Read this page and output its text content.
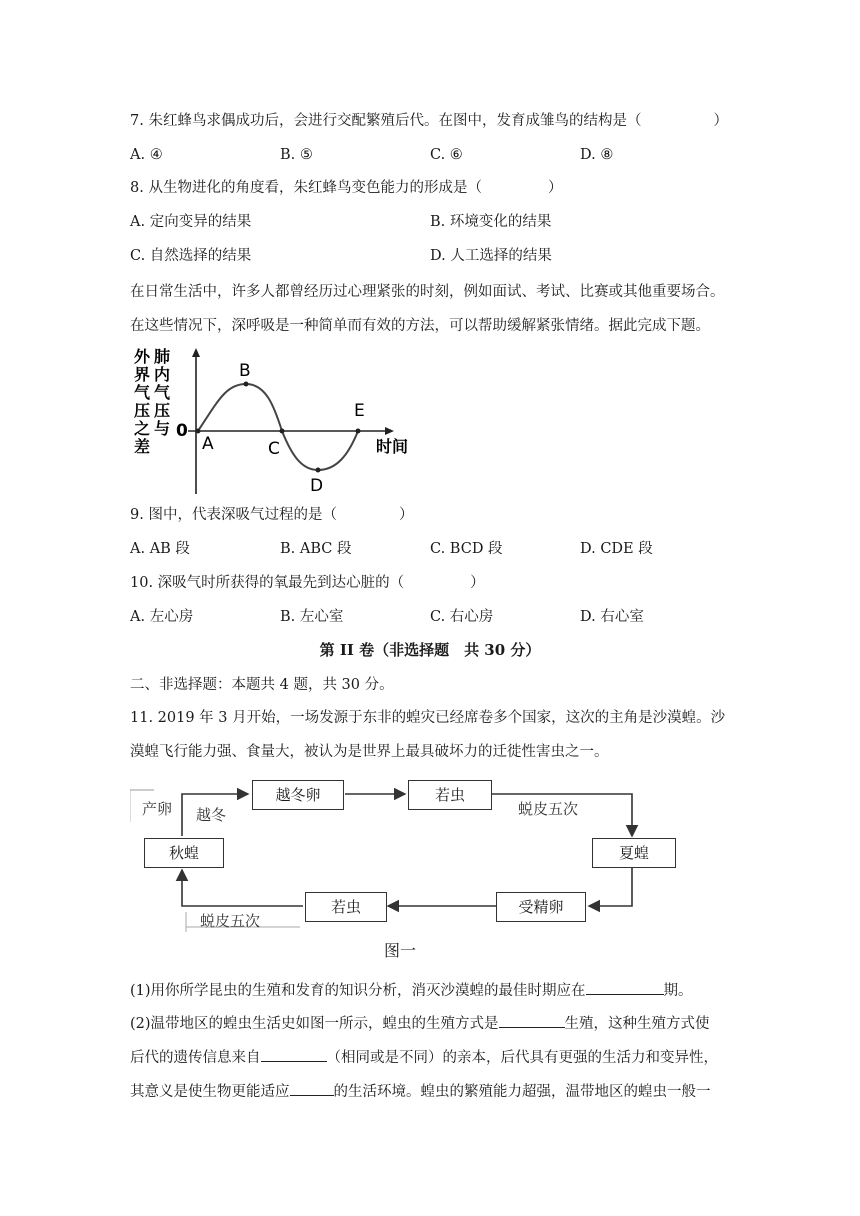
7. 朱红蜂鸟求偶成功后，会进行交配繁殖后代。在图中，发育成雏鸟的结构是（	）
A. ④	B. ⑤	C. ⑥	D. ⑧
8. 从生物进化的角度看，朱红蜂鸟变色能力的形成是（	）
A. 定向变异的结果	B. 环境变化的结果
C. 自然选择的结果	D. 人工选择的结果
在日常生活中，许多人都曾经历过心理紧张的时刻，例如面试、考试、比赛或其他重要场合。
在这些情况下，深呼吸是一种简单而有效的方法，可以帮助缓解紧张情绪。据此完成下题。
外界气压之差
肺内气压与 0
时间
A
B
C
D
E
9. 图中，代表深吸气过程的是（	）
A. AB 段	B. ABC 段	C. BCD 段	D. CDE 段
10. 深吸气时所获得的氧最先到达心脏的（	）
A. 左心房	B. 左心室	C. 右心房	D. 右心室
第 II 卷（非选择题　共 30 分）
二、非选择题：本题共 4 题，共 30 分。
11. 2019 年 3 月开始，一场发源于东非的蝗灾已经席卷多个国家，这次的主角是沙漠蝗。沙
漠蝗飞行能力强、食量大，被认为是世界上最具破坏力的迁徙性害虫之一。
越冬卵	若虫
夏蝗
受精卵
若虫
秋蝗
产卵 越冬	蜕皮五次
蜕皮五次
图一
(1)用你所学昆虫的生殖和发育的知识分析，消灭沙漠蝗的最佳时期应在	期。
(2)温带地区的蝗虫生活史如图一所示，蝗虫的生殖方式是	生殖，这种生殖方式使
后代的遗传信息来自	（相同或是不同）的亲本，后代具有更强的生活力和变异性，
其意义是使生物更能适应	的生活环境。蝗虫的繁殖能力超强，温带地区的蝗虫一般一
